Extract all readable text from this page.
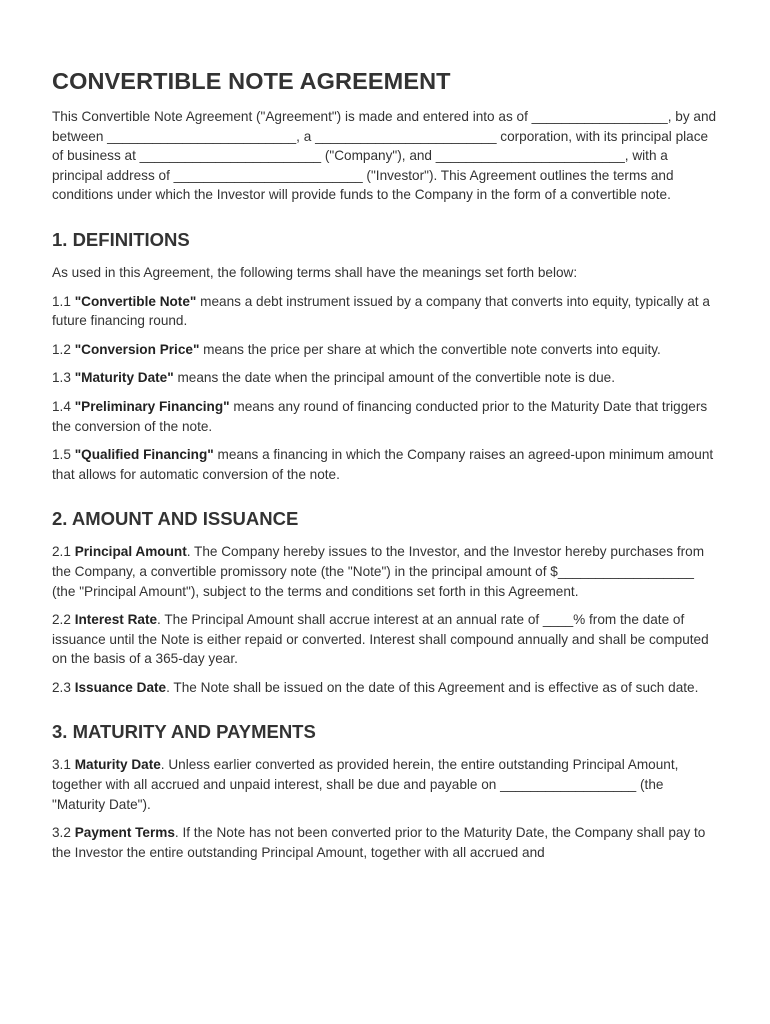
CONVERTIBLE NOTE AGREEMENT

This Convertible Note Agreement ("Agreement") is made and entered into as of __________________, by and between _________________________, a ________________________ corporation, with its principal place of business at ________________________ ("Company"), and _________________________, with a principal address of _________________________ ("Investor"). This Agreement outlines the terms and conditions under which the Investor will provide funds to the Company in the form of a convertible note.

1. DEFINITIONS

As used in this Agreement, the following terms shall have the meanings set forth below:

1.1 "Convertible Note" means a debt instrument issued by a company that converts into equity, typically at a future financing round.

1.2 "Conversion Price" means the price per share at which the convertible note converts into equity.

1.3 "Maturity Date" means the date when the principal amount of the convertible note is due.

1.4 "Preliminary Financing" means any round of financing conducted prior to the Maturity Date that triggers the conversion of the note.

1.5 "Qualified Financing" means a financing in which the Company raises an agreed-upon minimum amount that allows for automatic conversion of the note.

2. AMOUNT AND ISSUANCE

2.1 Principal Amount. The Company hereby issues to the Investor, and the Investor hereby purchases from the Company, a convertible promissory note (the "Note") in the principal amount of $__________________ (the "Principal Amount"), subject to the terms and conditions set forth in this Agreement.

2.2 Interest Rate. The Principal Amount shall accrue interest at an annual rate of ____% from the date of issuance until the Note is either repaid or converted. Interest shall compound annually and shall be computed on the basis of a 365-day year.

2.3 Issuance Date. The Note shall be issued on the date of this Agreement and is effective as of such date.

3. MATURITY AND PAYMENTS

3.1 Maturity Date. Unless earlier converted as provided herein, the entire outstanding Principal Amount, together with all accrued and unpaid interest, shall be due and payable on __________________ (the "Maturity Date").

3.2 Payment Terms. If the Note has not been converted prior to the Maturity Date, the Company shall pay to the Investor the entire outstanding Principal Amount, together with all accrued and
